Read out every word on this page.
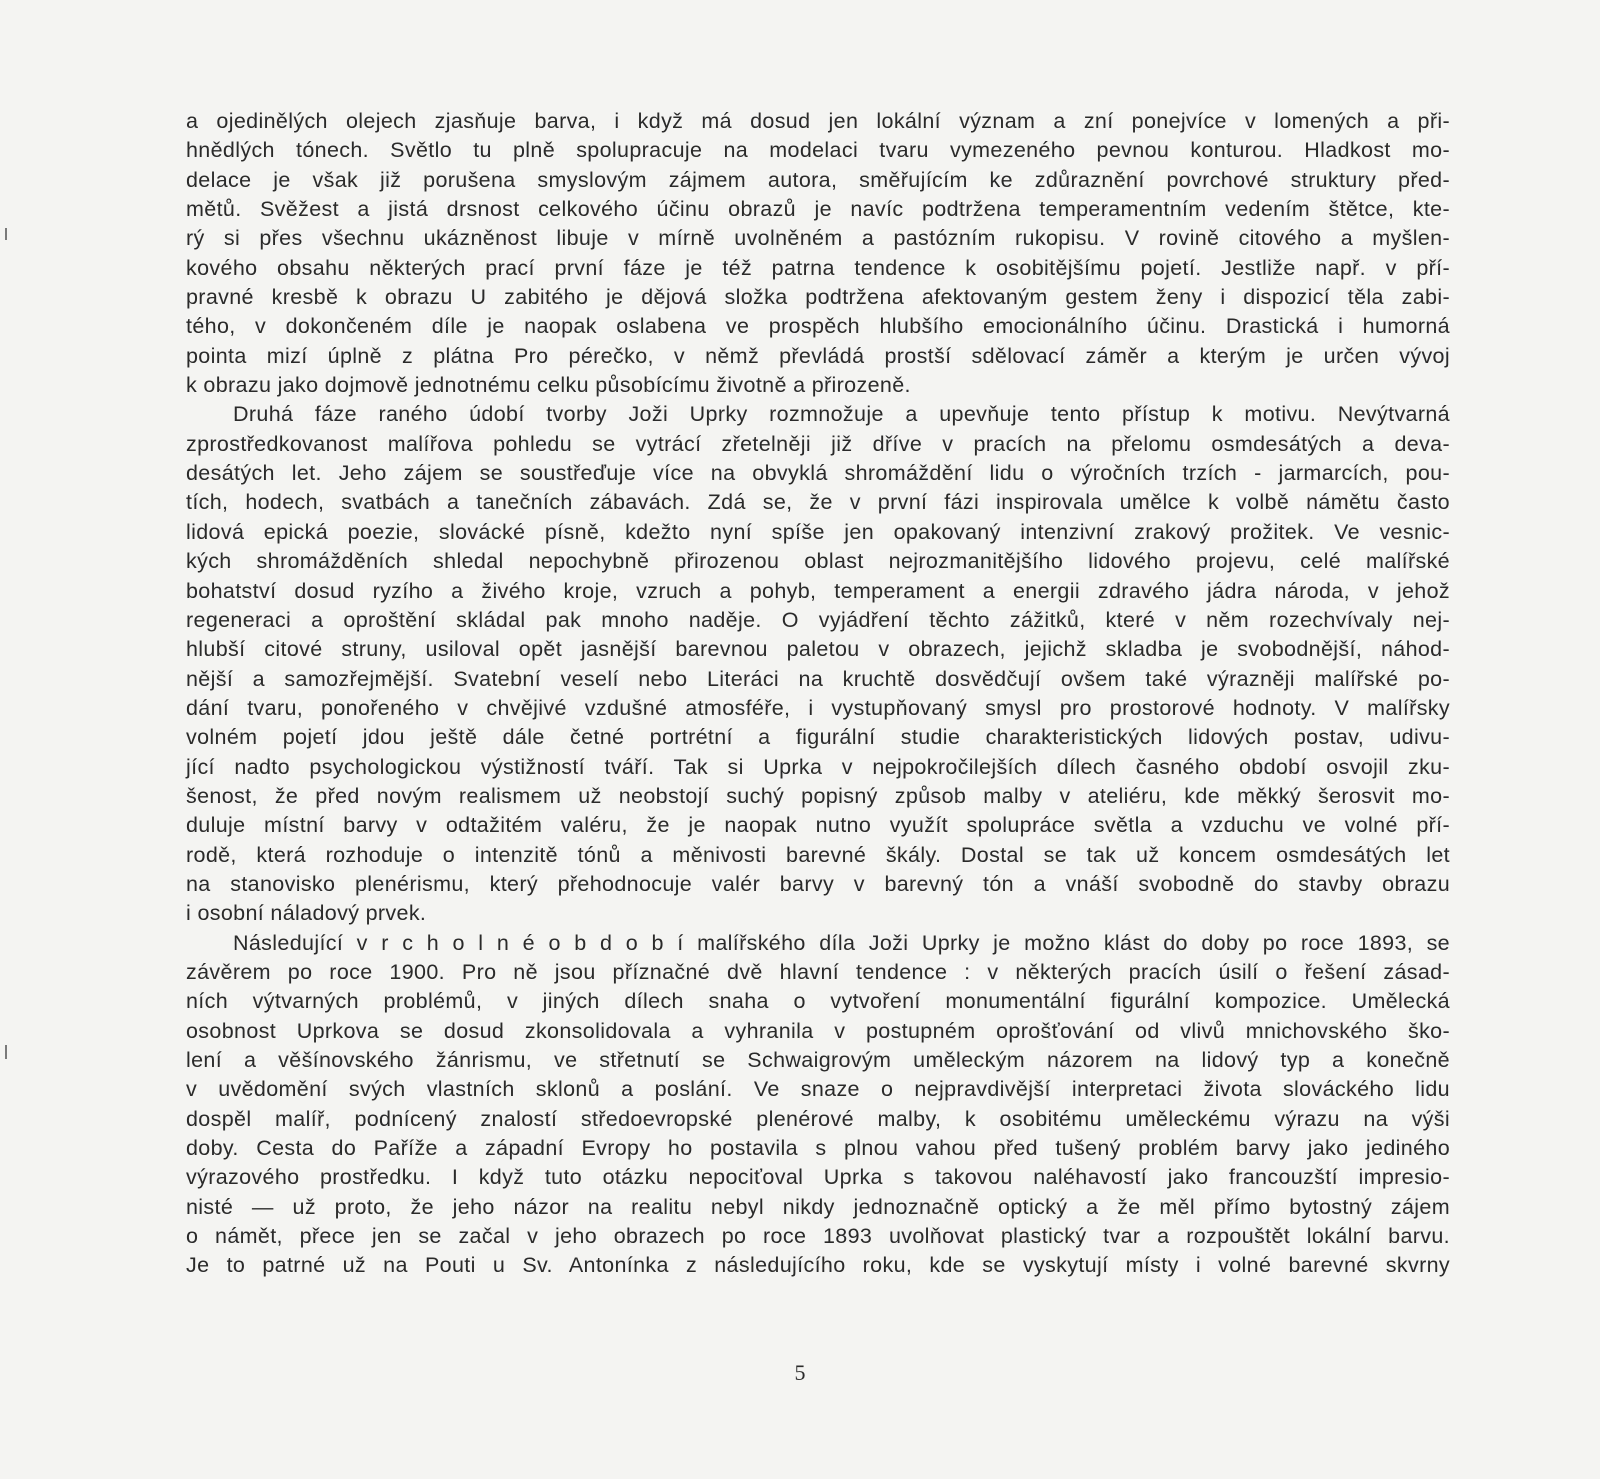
a ojedinělých olejech zjasňuje barva, i když má dosud jen lokální význam a zní ponejvíce v lomených a při-
hnědlých tónech. Světlo tu plně spolupracuje na modelaci tvaru vymezeného pevnou konturou. Hladkost mo-
delace je však již porušena smyslovým zájmem autora, směřujícím ke zdůraznění povrchové struktury před-
mětů. Svěžest a jistá drsnost celkového účinu obrazů je navíc podtržena temperamentním vedením štětce, kte-
rý si přes všechnu ukázněnost libuje v mírně uvolněném a pastózním rukopisu. V rovině citového a myšlen-
kového obsahu některých prací první fáze je též patrna tendence k osobitějšímu pojetí. Jestliže např. v pří-
pravné kresbě k obrazu U zabitého je dějová složka podtržena afektovaným gestem ženy i dispozicí těla zabi-
tého, v dokončeném díle je naopak oslabena ve prospěch hlubšího emocionálního účinu. Drastická i humorná
pointa mizí úplně z plátna Pro pérečko, v němž převládá prostší sdělovací záměr a kterým je určen vývoj
k obrazu jako dojmově jednotnému celku působícímu životně a přirozeně.
Druhá fáze raného údobí tvorby Joži Uprky rozmnožuje a upevňuje tento přístup k motivu. Nevýtvarná
zprostředkovanost malířova pohledu se vytrácí zřetelněji již dříve v pracích na přelomu osmdesátých a deva-
desátých let. Jeho zájem se soustřeďuje více na obvyklá shromáždění lidu o výročních trzích - jarmarcích, pou-
tích, hodech, svatbách a tanečních zábavách. Zdá se, že v první fázi inspirovala umělce k volbě námětu často
lidová epická poezie, slovácké písně, kdežto nyní spíše jen opakovaný intenzivní zrakový prožitek. Ve vesnic-
kých shromážděních shledal nepochybně přirozenou oblast nejrozmanitějšího lidového projevu, celé malířské
bohatství dosud ryzího a živého kroje, vzruch a pohyb, temperament a energii zdravého jádra národa, v jehož
regeneraci a oproštění skládal pak mnoho naděje. O vyjádření těchto zážitků, které v něm rozechvívaly nej-
hlubší citové struny, usiloval opět jasnější barevnou paletou v obrazech, jejichž skladba je svobodnější, náhod-
nější a samozřejmější. Svatební veselí nebo Literáci na kruchtě dosvědčují ovšem také výrazněji malířské po-
dání tvaru, ponořeného v chvějivé vzdušné atmosféře, i vystupňovaný smysl pro prostorové hodnoty. V malířsky
volném pojetí jdou ještě dále četné portrétní a figurální studie charakteristických lidových postav, udivu-
jící nadto psychologickou výstižností tváří. Tak si Uprka v nejpokročilejších dílech časného období osvojil zku-
šenost, že před novým realismem už neobstojí suchý popisný způsob malby v ateliéru, kde měkký šerosvit mo-
duluje místní barvy v odtažitém valéru, že je naopak nutno využít spolupráce světla a vzduchu ve volné pří-
rodě, která rozhoduje o intenzitě tónů a měnivosti barevné škály. Dostal se tak už koncem osmdesátých let
na stanovisko plenérismu, který přehodnocuje valér barvy v barevný tón a vnáší svobodně do stavby obrazu
i osobní náladový prvek.
Následující v r c h o l n é o b d o b í malířského díla Joži Uprky je možno klást do doby po roce 1893, se
závěrem po roce 1900. Pro ně jsou příznačné dvě hlavní tendence : v některých pracích úsilí o řešení zásad-
ních výtvarných problémů, v jiných dílech snaha o vytvoření monumentální figurální kompozice. Umělecká
osobnost Uprkova se dosud zkonsolidovala a vyhranila v postupném oprošťování od vlivů mnichovského ško-
lení a věšínovského žánrismu, ve střetnutí se Schwaigrovým uměleckým názorem na lidový typ a konečně
v uvědomění svých vlastních sklonů a poslání. Ve snaze o nejpravdivější interpretaci života slováckého lidu
dospěl malíř, podnícený znalostí středoevropské plenérové malby, k osobitému uměleckému výrazu na výši
doby. Cesta do Paříže a západní Evropy ho postavila s plnou vahou před tušený problém barvy jako jediného
výrazového prostředku. I když tuto otázku nepociťoval Uprka s takovou naléhavostí jako francouzští impresio-
nisté — už proto, že jeho názor na realitu nebyl nikdy jednoznačně optický a že měl přímo bytostný zájem
o námět, přece jen se začal v jeho obrazech po roce 1893 uvolňovat plastický tvar a rozpouštět lokální barvu.
Je to patrné už na Pouti u Sv. Antonínka z následujícího roku, kde se vyskytují místy i volné barevné skvrny
5
